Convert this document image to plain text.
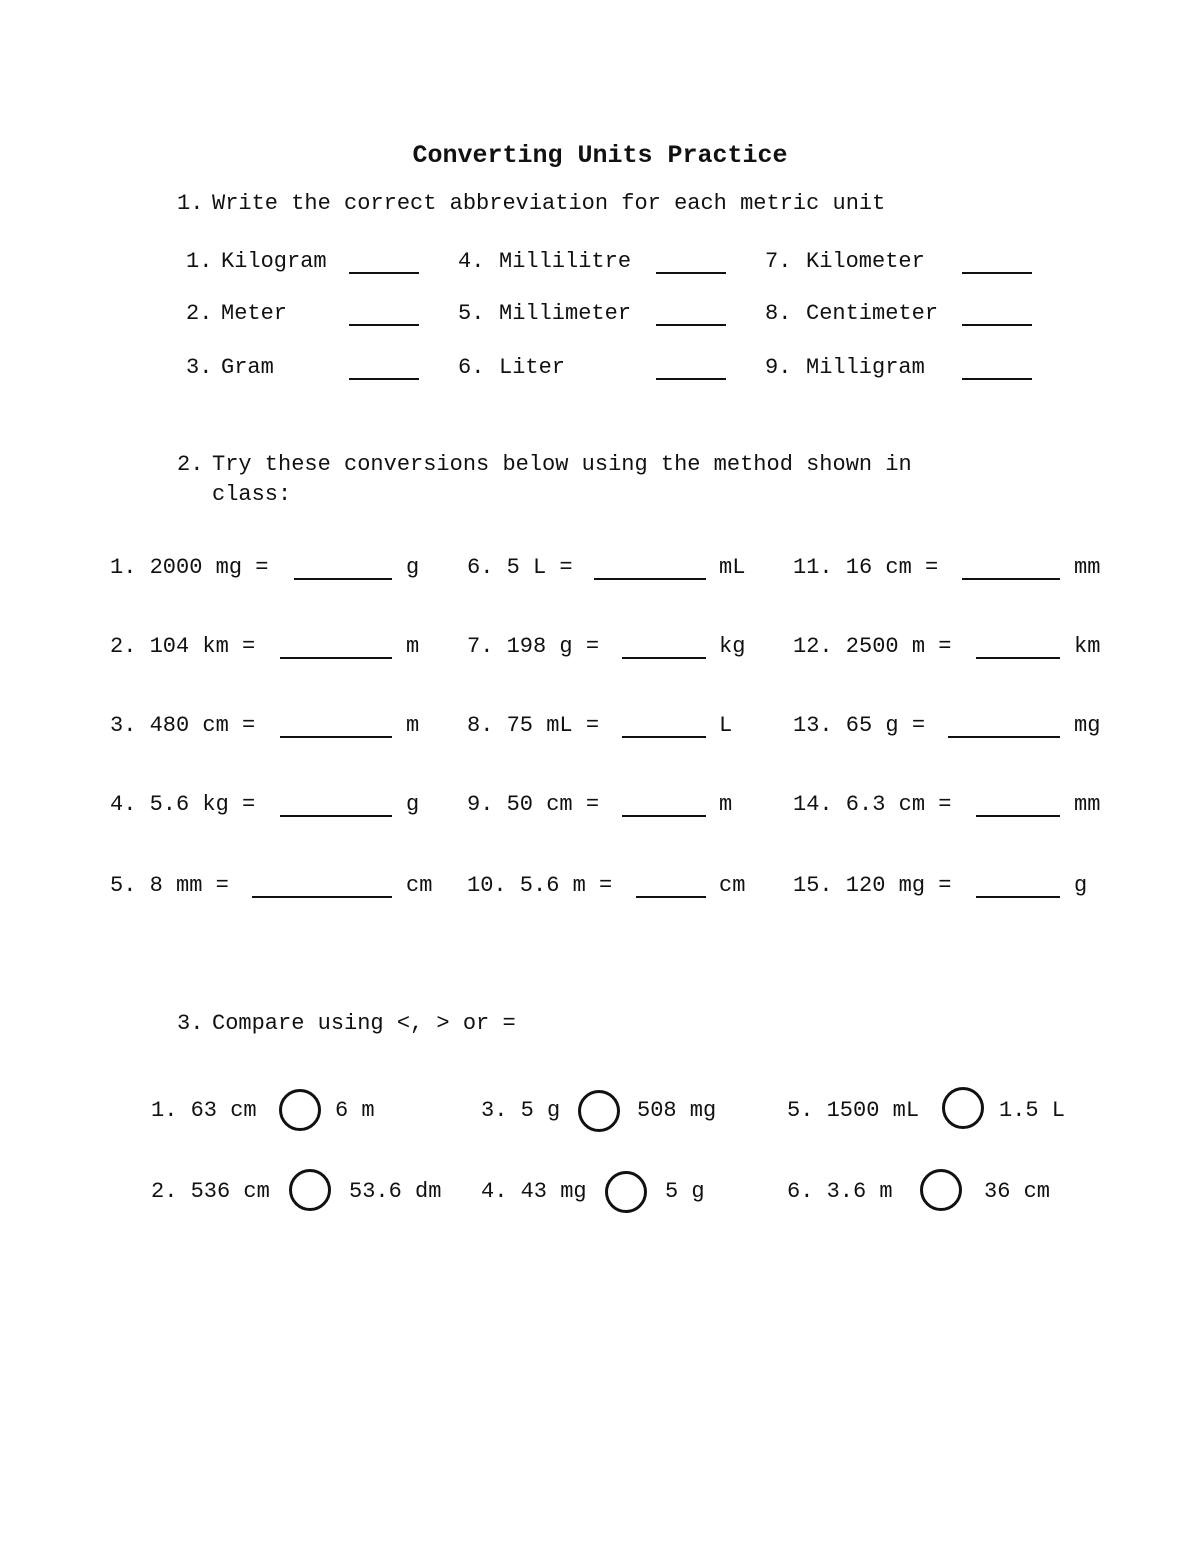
Converting Units Practice
1. Write the correct abbreviation for each metric unit
1. Kilogram
2. Meter
3. Gram
4. Millilitre
5. Millimeter
6. Liter
7. Kilometer
8. Centimeter
9. Milligram
2. Try these conversions below using the method shown in
class:
1. 2000 mg =	g
2. 104 km =	m
3. 480 cm =	m
4. 5.6 kg =	g
5. 8 mm =	cm
6. 5 L =	mL
7. 198 g =	kg
8. 75 mL =	L
9. 50 cm =	m
10. 5.6 m =	cm
11. 16 cm =	mm
12. 2500 m =	km
13. 65 g =	mg
14. 6.3 cm =	mm
15. 120 mg =	g
3. Compare using <, > or =
1. 63 cm	6 m
2. 536 cm	53.6 dm
3. 5 g	508 mg
4. 43 mg	5 g
5. 1500 mL	1.5 L
6. 3.6 m	36 cm
